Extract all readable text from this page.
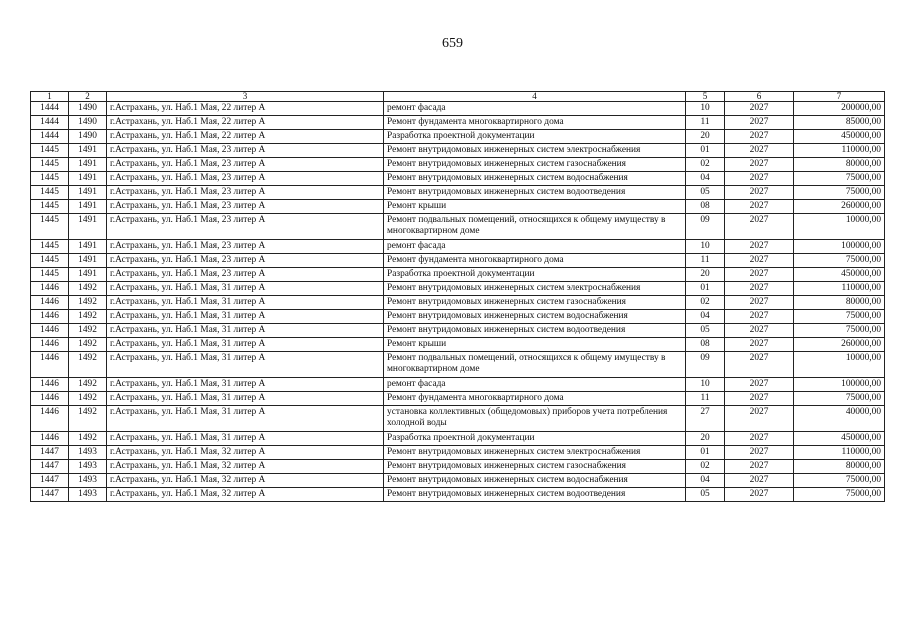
659
1	2	3	4	5	6	7
1444	1490	г.Астрахань, ул. Наб.1 Мая, 22 литер А	ремонт фасада	10	2027	200000,00
1444	1490	г.Астрахань, ул. Наб.1 Мая, 22 литер А	Ремонт фундамента многоквартирного дома	11	2027	85000,00
1444	1490	г.Астрахань, ул. Наб.1 Мая, 22 литер А	Разработка проектной документации	20	2027	450000,00
1445	1491	г.Астрахань, ул. Наб.1 Мая, 23 литер А	Ремонт внутридомовых инженерных систем электроснабжения	01	2027	110000,00
1445	1491	г.Астрахань, ул. Наб.1 Мая, 23 литер А	Ремонт внутридомовых инженерных систем газоснабжения	02	2027	80000,00
1445	1491	г.Астрахань, ул. Наб.1 Мая, 23 литер А	Ремонт внутридомовых инженерных систем водоснабжения	04	2027	75000,00
1445	1491	г.Астрахань, ул. Наб.1 Мая, 23 литер А	Ремонт внутридомовых инженерных систем водоотведения	05	2027	75000,00
1445	1491	г.Астрахань, ул. Наб.1 Мая, 23 литер А	Ремонт крыши	08	2027	260000,00
1445	1491	г.Астрахань, ул. Наб.1 Мая, 23 литер А	Ремонт подвальных помещений, относящихся к общему имуществу в многоквартирном доме	09	2027	10000,00
1445	1491	г.Астрахань, ул. Наб.1 Мая, 23 литер А	ремонт фасада	10	2027	100000,00
1445	1491	г.Астрахань, ул. Наб.1 Мая, 23 литер А	Ремонт фундамента многоквартирного дома	11	2027	75000,00
1445	1491	г.Астрахань, ул. Наб.1 Мая, 23 литер А	Разработка проектной документации	20	2027	450000,00
1446	1492	г.Астрахань, ул. Наб.1 Мая, 31 литер А	Ремонт внутридомовых инженерных систем электроснабжения	01	2027	110000,00
1446	1492	г.Астрахань, ул. Наб.1 Мая, 31 литер А	Ремонт внутридомовых инженерных систем газоснабжения	02	2027	80000,00
1446	1492	г.Астрахань, ул. Наб.1 Мая, 31 литер А	Ремонт внутридомовых инженерных систем водоснабжения	04	2027	75000,00
1446	1492	г.Астрахань, ул. Наб.1 Мая, 31 литер А	Ремонт внутридомовых инженерных систем водоотведения	05	2027	75000,00
1446	1492	г.Астрахань, ул. Наб.1 Мая, 31 литер А	Ремонт крыши	08	2027	260000,00
1446	1492	г.Астрахань, ул. Наб.1 Мая, 31 литер А	Ремонт подвальных помещений, относящихся к общему имуществу в многоквартирном доме	09	2027	10000,00
1446	1492	г.Астрахань, ул. Наб.1 Мая, 31 литер А	ремонт фасада	10	2027	100000,00
1446	1492	г.Астрахань, ул. Наб.1 Мая, 31 литер А	Ремонт фундамента многоквартирного дома	11	2027	75000,00
1446	1492	г.Астрахань, ул. Наб.1 Мая, 31 литер А	установка коллективных (общедомовых) приборов учета потребления холодной воды	27	2027	40000,00
1446	1492	г.Астрахань, ул. Наб.1 Мая, 31 литер А	Разработка проектной документации	20	2027	450000,00
1447	1493	г.Астрахань, ул. Наб.1 Мая, 32 литер А	Ремонт внутридомовых инженерных систем электроснабжения	01	2027	110000,00
1447	1493	г.Астрахань, ул. Наб.1 Мая, 32 литер А	Ремонт внутридомовых инженерных систем газоснабжения	02	2027	80000,00
1447	1493	г.Астрахань, ул. Наб.1 Мая, 32 литер А	Ремонт внутридомовых инженерных систем водоснабжения	04	2027	75000,00
1447	1493	г.Астрахань, ул. Наб.1 Мая, 32 литер А	Ремонт внутридомовых инженерных систем водоотведения	05	2027	75000,00
